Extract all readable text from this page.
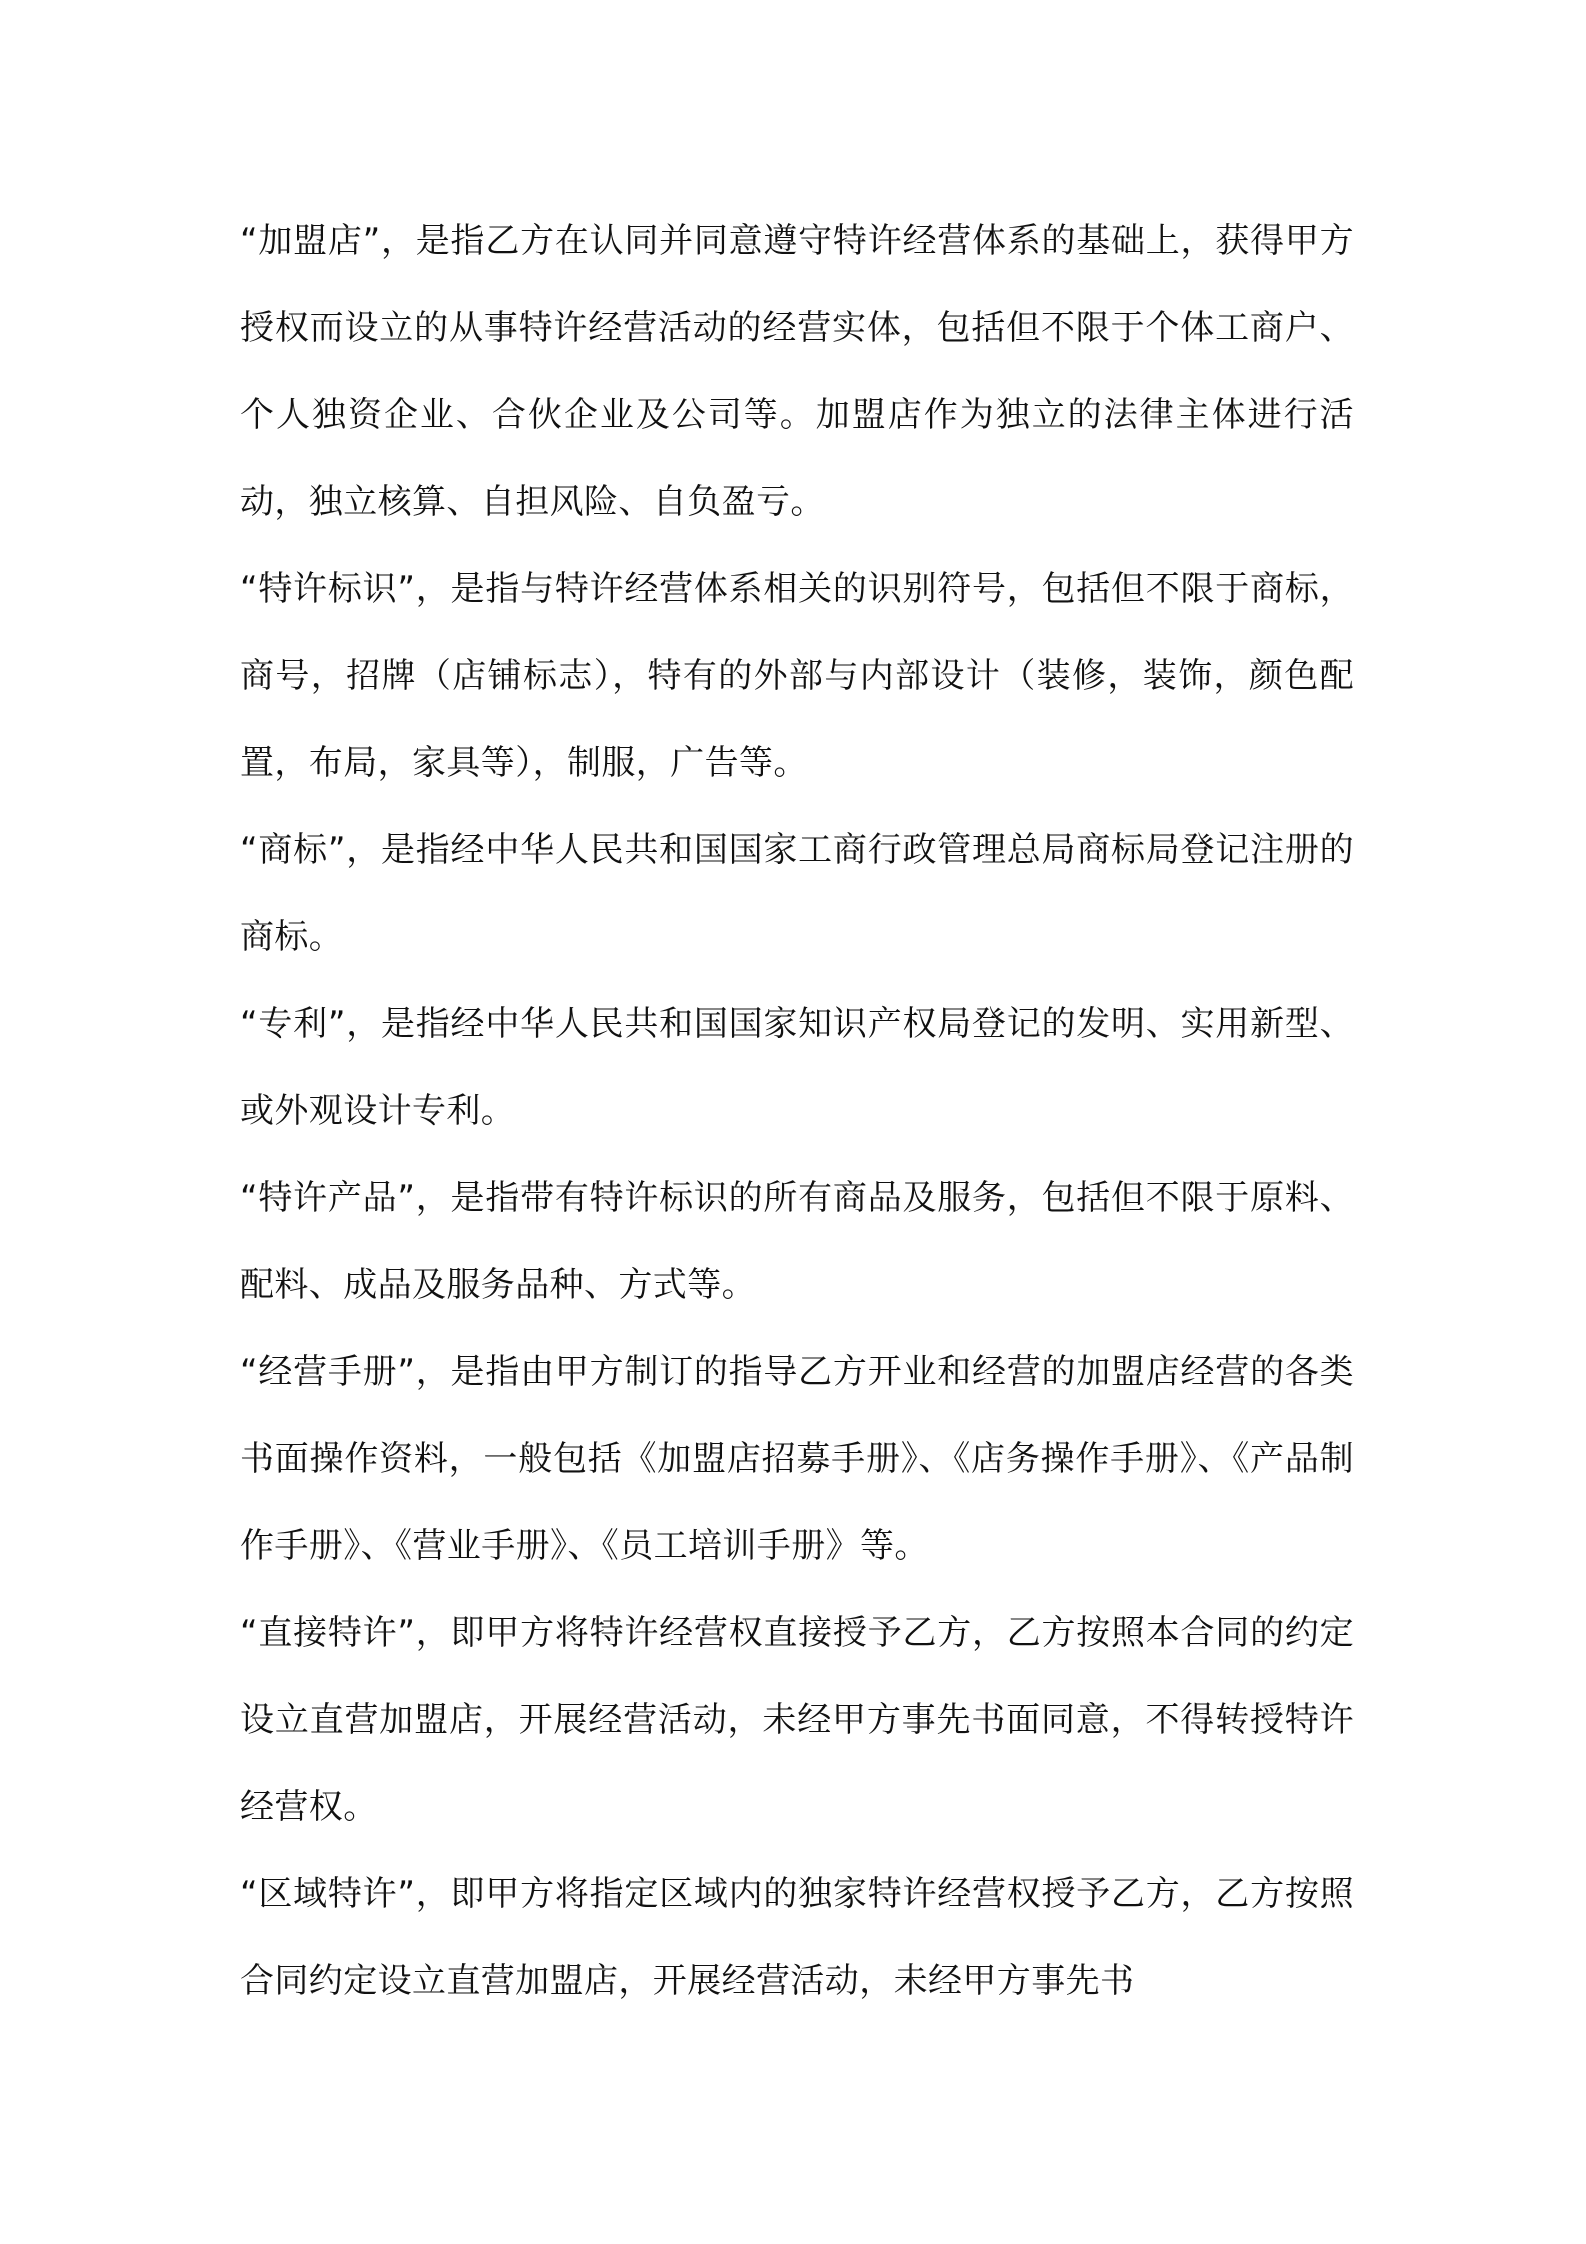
“加盟店”，是指乙方在认同并同意遵守特许经营体系的基础上，获得甲方授权而设立的从事特许经营活动的经营实体，包括但不限于个体工商户、个人独资企业、合伙企业及公司等。加盟店作为独立的法律主体进行活动，独立核算、自担风险、自负盈亏。

“特许标识”，是指与特许经营体系相关的识别符号，包括但不限于商标，商号，招牌（店铺标志），特有的外部与内部设计（装修，装饰，颜色配置，布局，家具等），制服，广告等。

“商标”，是指经中华人民共和国国家工商行政管理总局商标局登记注册的商标。

“专利”，是指经中华人民共和国国家知识产权局登记的发明、实用新型、或外观设计专利。

“特许产品”，是指带有特许标识的所有商品及服务，包括但不限于原料、配料、成品及服务品种、方式等。

“经营手册”，是指由甲方制订的指导乙方开业和经营的加盟店经营的各类书面操作资料，一般包括《加盟店招募手册》、《店务操作手册》、《产品制作手册》、《营业手册》、《员工培训手册》等。

“直接特许”，即甲方将特许经营权直接授予乙方，乙方按照本合同的约定设立直营加盟店，开展经营活动，未经甲方事先书面同意，不得转授特许经营权。

“区域特许”，即甲方将指定区域内的独家特许经营权授予乙方，乙方按照合同约定设立直营加盟店，开展经营活动，未经甲方事先书
